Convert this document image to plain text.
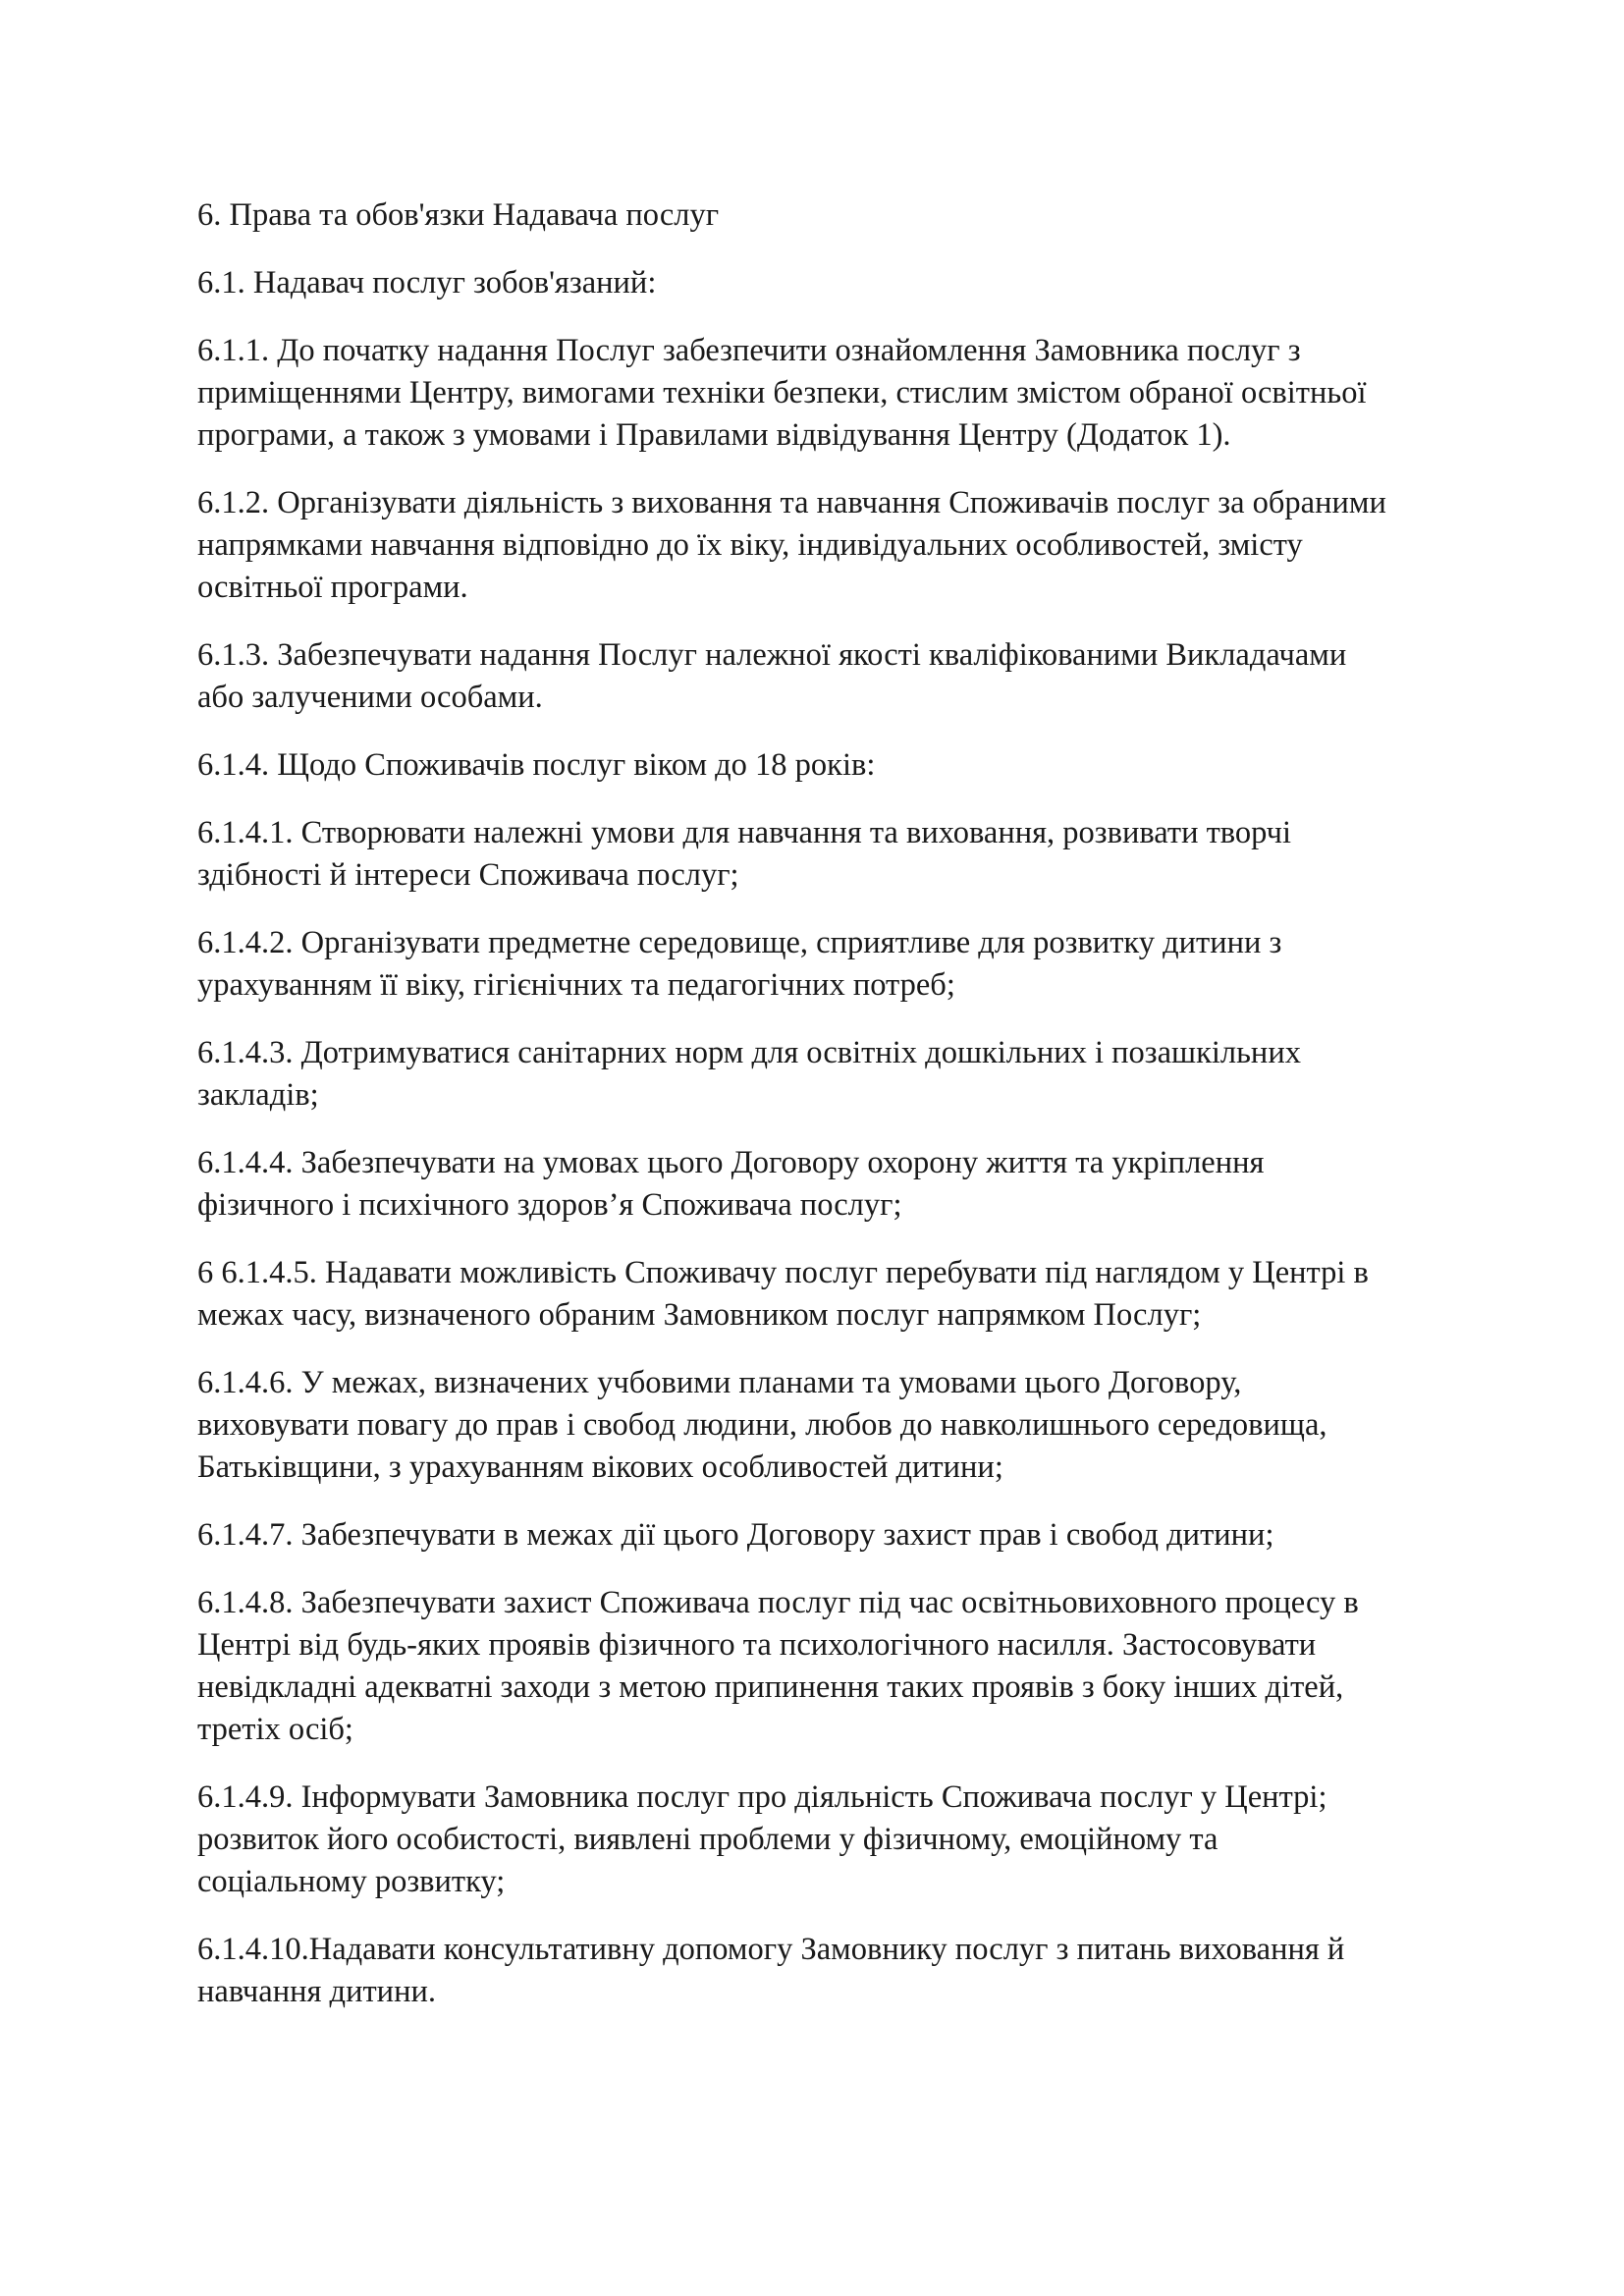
6. Права та обов'язки Надавача послуг

6.1. Надавач послуг зобов'язаний:

6.1.1. До початку надання Послуг забезпечити ознайомлення Замовника послуг з
приміщеннями Центру, вимогами техніки безпеки, стислим змістом обраної освітньої
програми, а також з умовами і Правилами відвідування Центру (Додаток 1).

6.1.2. Організувати діяльність з виховання та навчання Споживачів послуг за обраними
напрямками навчання відповідно до їх віку, індивідуальних особливостей, змісту
освітньої програми.

6.1.3. Забезпечувати надання Послуг належної якості кваліфікованими Викладачами
або залученими особами.

6.1.4. Щодо Споживачів послуг віком до 18 років:

6.1.4.1. Створювати належні умови для навчання та виховання, розвивати творчі
здібності й інтереси Споживача послуг;

6.1.4.2. Організувати предметне середовище, сприятливе для розвитку дитини з
урахуванням її віку, гігієнічних та педагогічних потреб;

6.1.4.3. Дотримуватися санітарних норм для освітніх дошкільних і позашкільних
закладів;

6.1.4.4. Забезпечувати на умовах цього Договору охорону життя та укріплення
фізичного і психічного здоров’я Споживача послуг;

6 6.1.4.5. Надавати можливість Споживачу послуг перебувати під наглядом у Центрі в
межах часу, визначеного обраним Замовником послуг напрямком Послуг;

6.1.4.6. У межах, визначених учбовими планами та умовами цього Договору,
виховувати повагу до прав і свобод людини, любов до навколишнього середовища,
Батьківщини, з урахуванням вікових особливостей дитини;

6.1.4.7. Забезпечувати в межах дії цього Договору захист прав і свобод дитини;

6.1.4.8. Забезпечувати захист Споживача послуг під час освітньовиховного процесу в
Центрі від будь-яких проявів фізичного та психологічного насилля. Застосовувати
невідкладні адекватні заходи з метою припинення таких проявів з боку інших дітей,
третіх осіб;

6.1.4.9. Інформувати Замовника послуг про діяльність Споживача послуг у Центрі;
розвиток його особистості, виявлені проблеми у фізичному, емоційному та
соціальному розвитку;

6.1.4.10.Надавати консультативну допомогу Замовнику послуг з питань виховання й
навчання дитини.
